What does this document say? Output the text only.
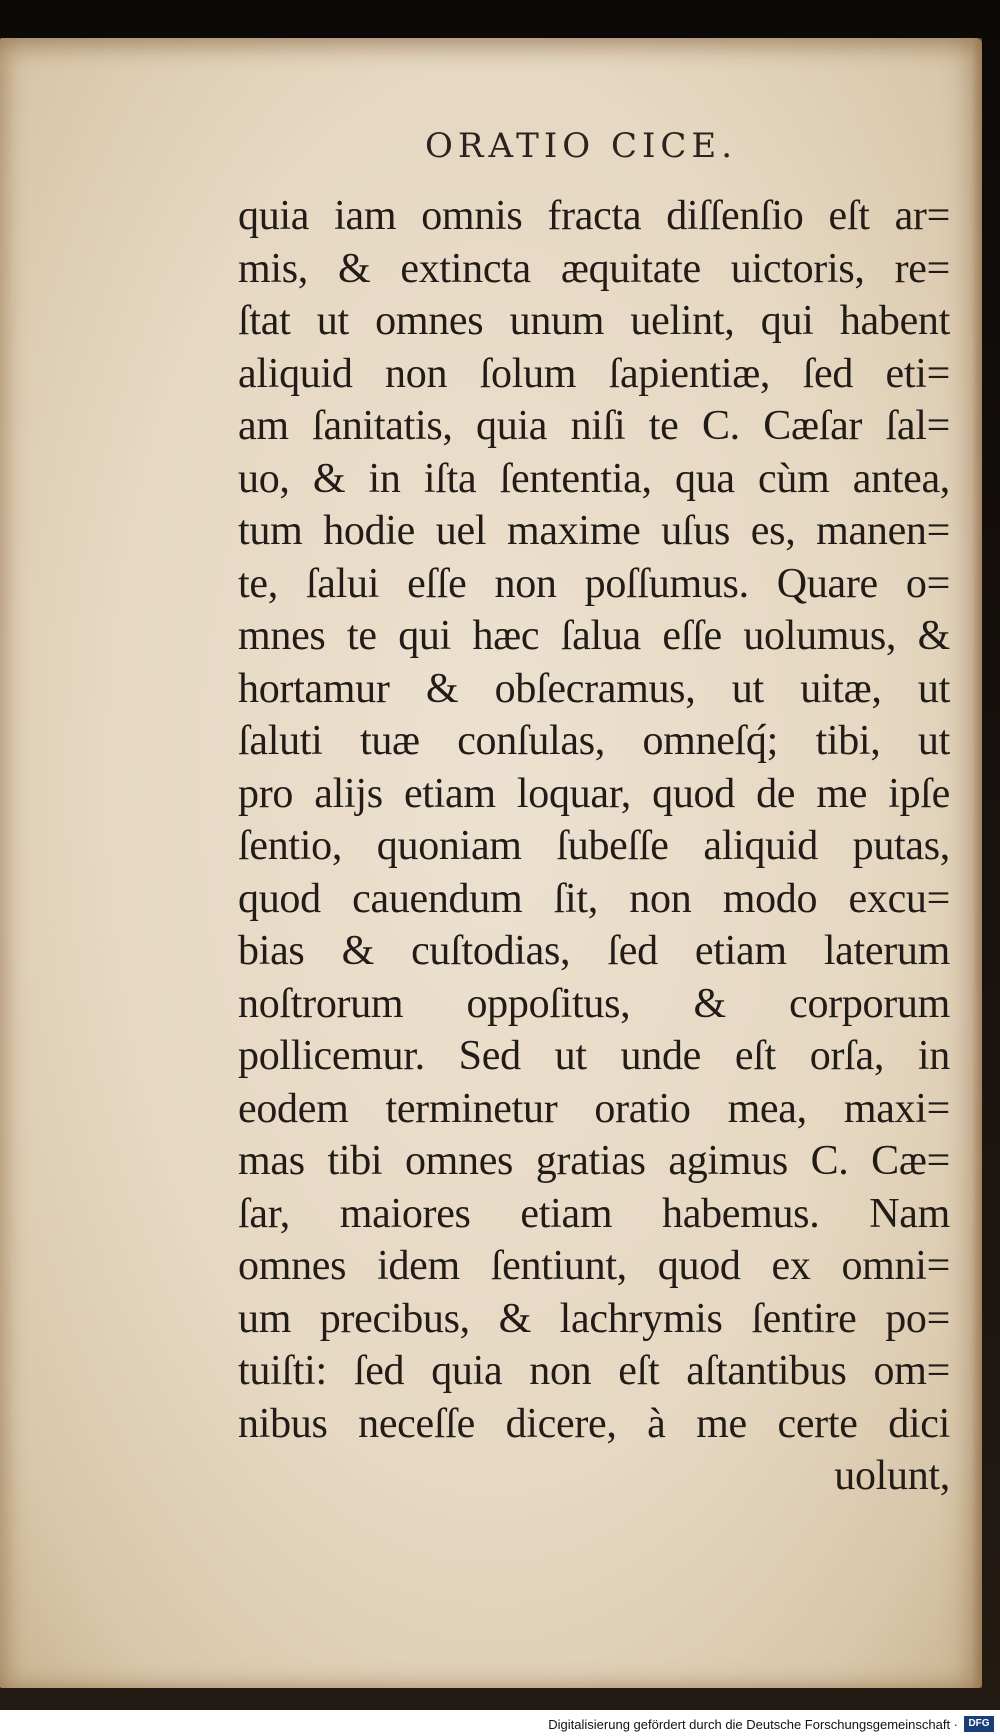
ORATIO CICE.
quia iam omnis fracta diſſenſio eſt ar=
mis, & extincta æquitate uictoris, re=
ſtat ut omnes unum uelint, qui habent
aliquid non ſolum ſapientiæ, ſed eti=
am ſanitatis, quia niſi te C. Cæſar ſal=
uo, & in iſta ſententia, qua cùm antea,
tum hodie uel maxime uſus es, manen=
te, ſalui eſſe non poſſumus. Quare o=
mnes te qui hæc ſalua eſſe uolumus, &
hortamur & obſecramus, ut uitæ, ut
ſaluti tuæ conſulas, omneſq́; tibi, ut
pro alijs etiam loquar, quod de me ipſe
ſentio, quoniam ſubeſſe aliquid putas,
quod cauendum ſit, non modo excu=
bias & cuſtodias, ſed etiam laterum
noſtrorum oppoſitus, & corporum
pollicemur. Sed ut unde eſt orſa, in
eodem terminetur oratio mea, maxi=
mas tibi omnes gratias agimus C. Cæ=
ſar, maiores etiam habemus. Nam
omnes idem ſentiunt, quod ex omni=
um precibus, & lachrymis ſentire po=
tuiſti: ſed quia non eſt aſtantibus om=
nibus neceſſe dicere, à me certe dici
uolunt,
Digitalisierung gefördert durch die Deutsche Forschungsgemeinschaft ·	DFG
